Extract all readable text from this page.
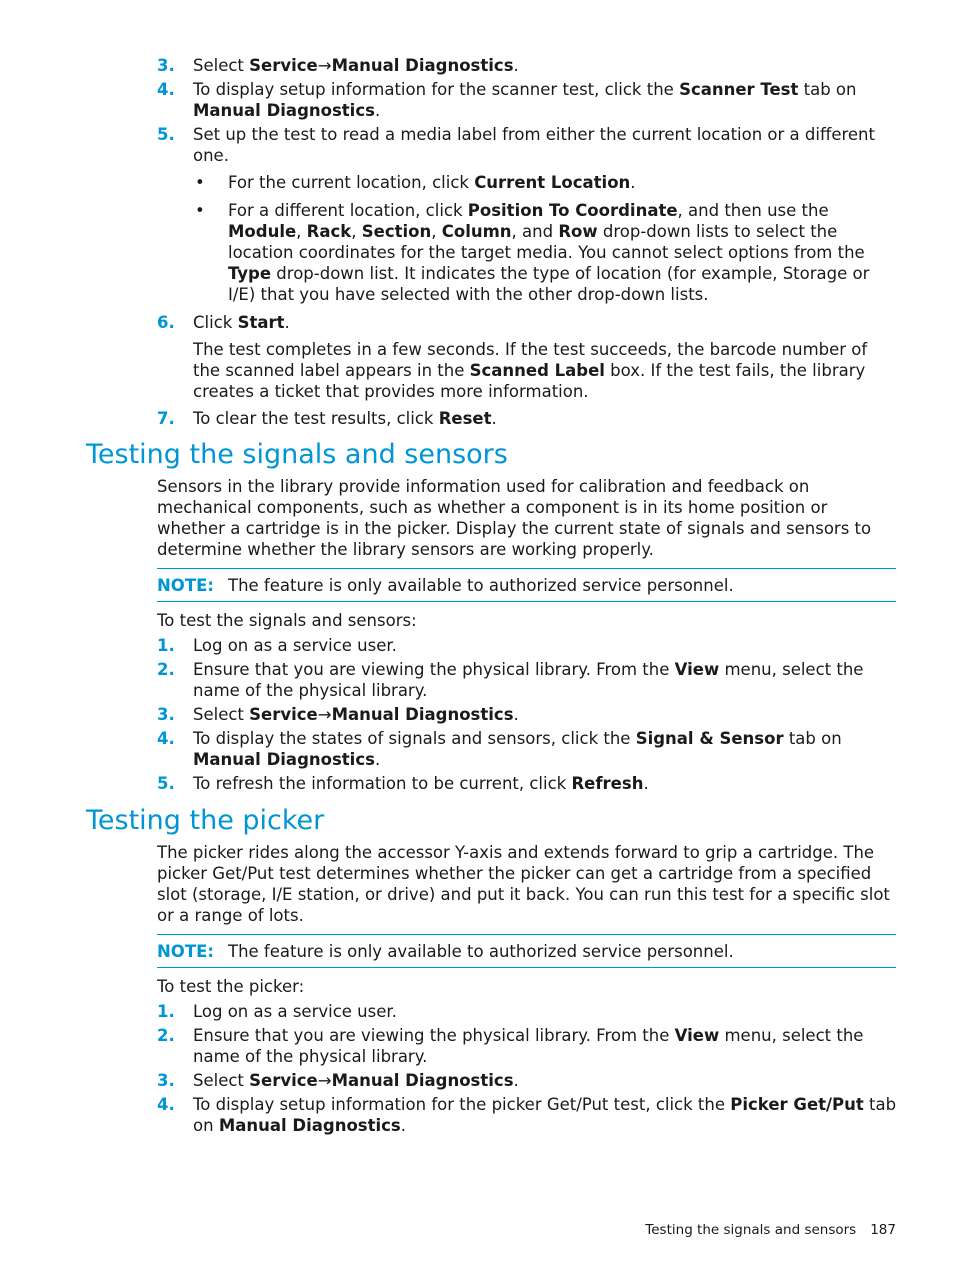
3. Select Service→Manual Diagnostics.
4. To display setup information for the scanner test, click the Scanner Test tab on Manual Diagnostics.
5. Set up the test to read a media label from either the current location or a different one.
• For the current location, click Current Location.
• For a different location, click Position To Coordinate, and then use the Module, Rack, Section, Column, and Row drop-down lists to select the location coordinates for the target media. You cannot select options from the Type drop-down list. It indicates the type of location (for example, Storage or I/E) that you have selected with the other drop-down lists.
6. Click Start.
The test completes in a few seconds. If the test succeeds, the barcode number of the scanned label appears in the Scanned Label box. If the test fails, the library creates a ticket that provides more information.
7. To clear the test results, click Reset.
Testing the signals and sensors
Sensors in the library provide information used for calibration and feedback on mechanical components, such as whether a component is in its home position or whether a cartridge is in the picker. Display the current state of signals and sensors to determine whether the library sensors are working properly.
NOTE: The feature is only available to authorized service personnel.
To test the signals and sensors:
1. Log on as a service user.
2. Ensure that you are viewing the physical library. From the View menu, select the name of the physical library.
3. Select Service→Manual Diagnostics.
4. To display the states of signals and sensors, click the Signal & Sensor tab on Manual Diagnostics.
5. To refresh the information to be current, click Refresh.
Testing the picker
The picker rides along the accessor Y-axis and extends forward to grip a cartridge. The picker Get/Put test determines whether the picker can get a cartridge from a specified slot (storage, I/E station, or drive) and put it back. You can run this test for a specific slot or a range of lots.
NOTE: The feature is only available to authorized service personnel.
To test the picker:
1. Log on as a service user.
2. Ensure that you are viewing the physical library. From the View menu, select the name of the physical library.
3. Select Service→Manual Diagnostics.
4. To display setup information for the picker Get/Put test, click the Picker Get/Put tab on Manual Diagnostics.
Testing the signals and sensors 187
